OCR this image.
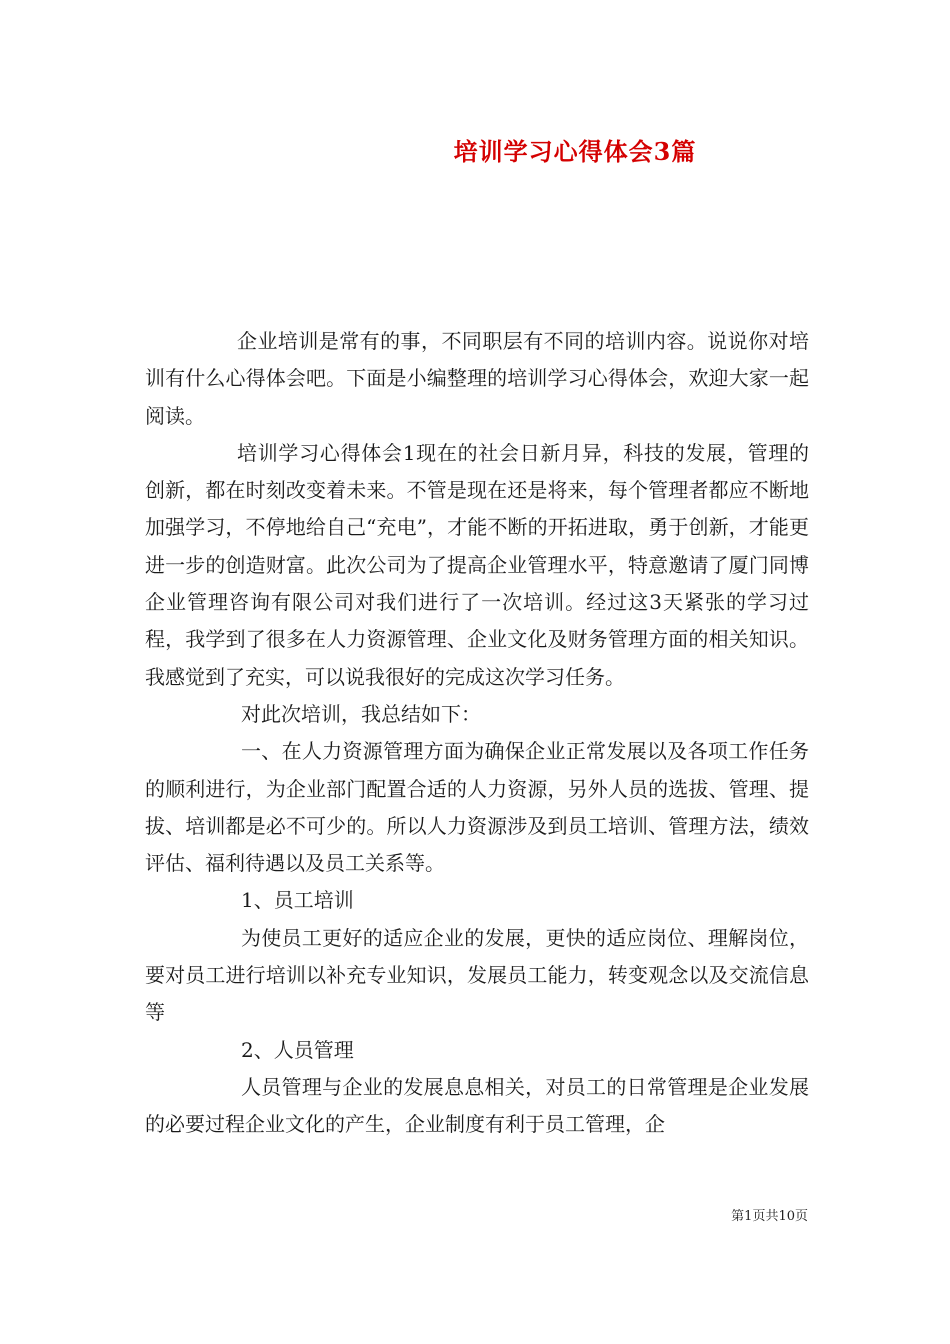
培训学习心得体会3篇

企业培训是常有的事，不同职层有不同的培训内容。说说你对培训有什么心得体会吧。下面是小编整理的培训学习心得体会，欢迎大家一起阅读。

培训学习心得体会1现在的社会日新月异，科技的发展，管理的创新，都在时刻改变着未来。不管是现在还是将来，每个管理者都应不断地加强学习，不停地给自己“充电”，才能不断的开拓进取，勇于创新，才能更进一步的创造财富。此次公司为了提高企业管理水平，特意邀请了厦门同博企业管理咨询有限公司对我们进行了一次培训。经过这3天紧张的学习过程，我学到了很多在人力资源管理、企业文化及财务管理方面的相关知识。我感觉到了充实，可以说我很好的完成这次学习任务。

对此次培训，我总结如下：

一、在人力资源管理方面为确保企业正常发展以及各项工作任务的顺利进行，为企业部门配置合适的人力资源，另外人员的选拔、管理、提拔、培训都是必不可少的。所以人力资源涉及到员工培训、管理方法，绩效评估、福利待遇以及员工关系等。

1、员工培训

为使员工更好的适应企业的发展，更快的适应岗位、理解岗位，要对员工进行培训以补充专业知识，发展员工能力，转变观念以及交流信息等

2、人员管理

人员管理与企业的发展息息相关，对员工的日常管理是企业发展的必要过程企业文化的产生，企业制度有利于员工管理，企

第1页共10页
